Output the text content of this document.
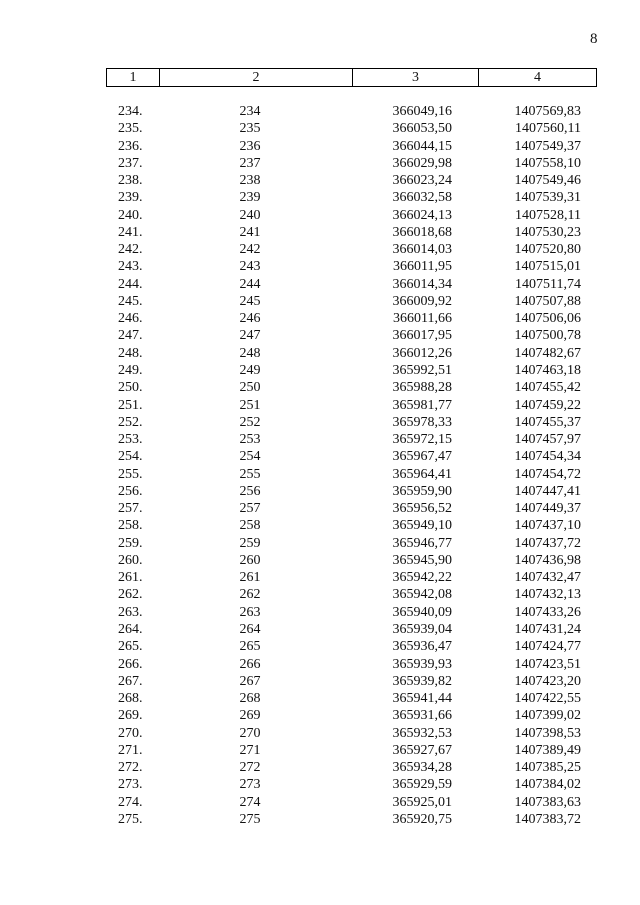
8
1	2	3	4
234.	234	366049,16	1407569,83
235.	235	366053,50	1407560,11
236.	236	366044,15	1407549,37
237.	237	366029,98	1407558,10
238.	238	366023,24	1407549,46
239.	239	366032,58	1407539,31
240.	240	366024,13	1407528,11
241.	241	366018,68	1407530,23
242.	242	366014,03	1407520,80
243.	243	366011,95	1407515,01
244.	244	366014,34	1407511,74
245.	245	366009,92	1407507,88
246.	246	366011,66	1407506,06
247.	247	366017,95	1407500,78
248.	248	366012,26	1407482,67
249.	249	365992,51	1407463,18
250.	250	365988,28	1407455,42
251.	251	365981,77	1407459,22
252.	252	365978,33	1407455,37
253.	253	365972,15	1407457,97
254.	254	365967,47	1407454,34
255.	255	365964,41	1407454,72
256.	256	365959,90	1407447,41
257.	257	365956,52	1407449,37
258.	258	365949,10	1407437,10
259.	259	365946,77	1407437,72
260.	260	365945,90	1407436,98
261.	261	365942,22	1407432,47
262.	262	365942,08	1407432,13
263.	263	365940,09	1407433,26
264.	264	365939,04	1407431,24
265.	265	365936,47	1407424,77
266.	266	365939,93	1407423,51
267.	267	365939,82	1407423,20
268.	268	365941,44	1407422,55
269.	269	365931,66	1407399,02
270.	270	365932,53	1407398,53
271.	271	365927,67	1407389,49
272.	272	365934,28	1407385,25
273.	273	365929,59	1407384,02
274.	274	365925,01	1407383,63
275.	275	365920,75	1407383,72
